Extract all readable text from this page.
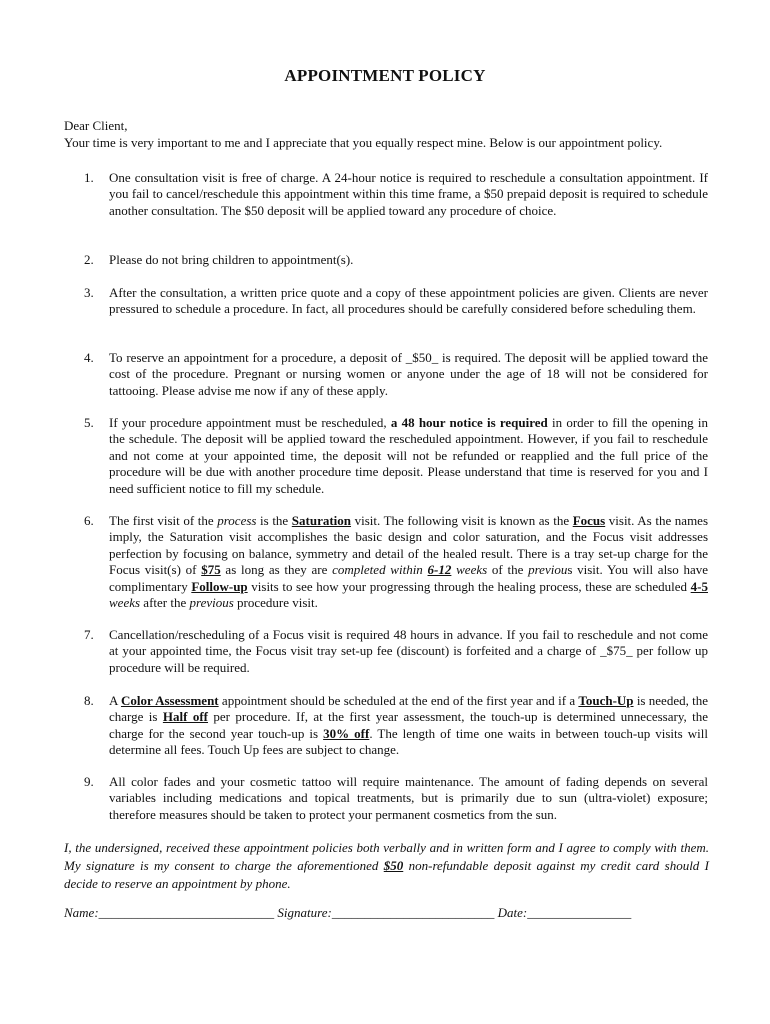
APPOINTMENT POLICY
Dear Client,
Your time is very important to me and I appreciate that you equally respect mine. Below is our appointment policy.
1. One consultation visit is free of charge. A 24-hour notice is required to reschedule a consultation appointment. If you fail to cancel/reschedule this appointment within this time frame, a $50 prepaid deposit is required to schedule another consultation. The $50 deposit will be applied toward any procedure of choice.
2. Please do not bring children to appointment(s).
3. After the consultation, a written price quote and a copy of these appointment policies are given. Clients are never pressured to schedule a procedure. In fact, all procedures should be carefully considered before scheduling them.
4. To reserve an appointment for a procedure, a deposit of _$50_ is required. The deposit will be applied toward the cost of the procedure. Pregnant or nursing women or anyone under the age of 18 will not be considered for tattooing. Please advise me now if any of these apply.
5. If your procedure appointment must be rescheduled, a 48 hour notice is required in order to fill the opening in the schedule. The deposit will be applied toward the rescheduled appointment. However, if you fail to reschedule and not come at your appointed time, the deposit will not be refunded or reapplied and the full price of the procedure will be due with another procedure time deposit. Please understand that time is reserved for you and I need sufficient notice to fill my schedule.
6. The first visit of the process is the Saturation visit. The following visit is known as the Focus visit. As the names imply, the Saturation visit accomplishes the basic design and color saturation, and the Focus visit addresses perfection by focusing on balance, symmetry and detail of the healed result. There is a tray set-up charge for the Focus visit(s) of $75 as long as they are completed within 6-12 weeks of the previous visit. You will also have complimentary Follow-up visits to see how your progressing through the healing process, these are scheduled 4-5 weeks after the previous procedure visit.
7. Cancellation/rescheduling of a Focus visit is required 48 hours in advance. If you fail to reschedule and not come at your appointed time, the Focus visit tray set-up fee (discount) is forfeited and a charge of _$75_ per follow up procedure will be required.
8. A Color Assessment appointment should be scheduled at the end of the first year and if a Touch-Up is needed, the charge is Half off per procedure. If, at the first year assessment, the touch-up is determined unnecessary, the charge for the second year touch-up is 30% off. The length of time one waits in between touch-up visits will determine all fees. Touch Up fees are subject to change.
9. All color fades and your cosmetic tattoo will require maintenance. The amount of fading depends on several variables including medications and topical treatments, but is primarily due to sun (ultra-violet) exposure; therefore measures should be taken to protect your permanent cosmetics from the sun.
I, the undersigned, received these appointment policies both verbally and in written form and I agree to comply with them. My signature is my consent to charge the aforementioned $50 non-refundable deposit against my credit card should I decide to reserve an appointment by phone.
Name:___________________________ Signature:_________________________ Date:________________
